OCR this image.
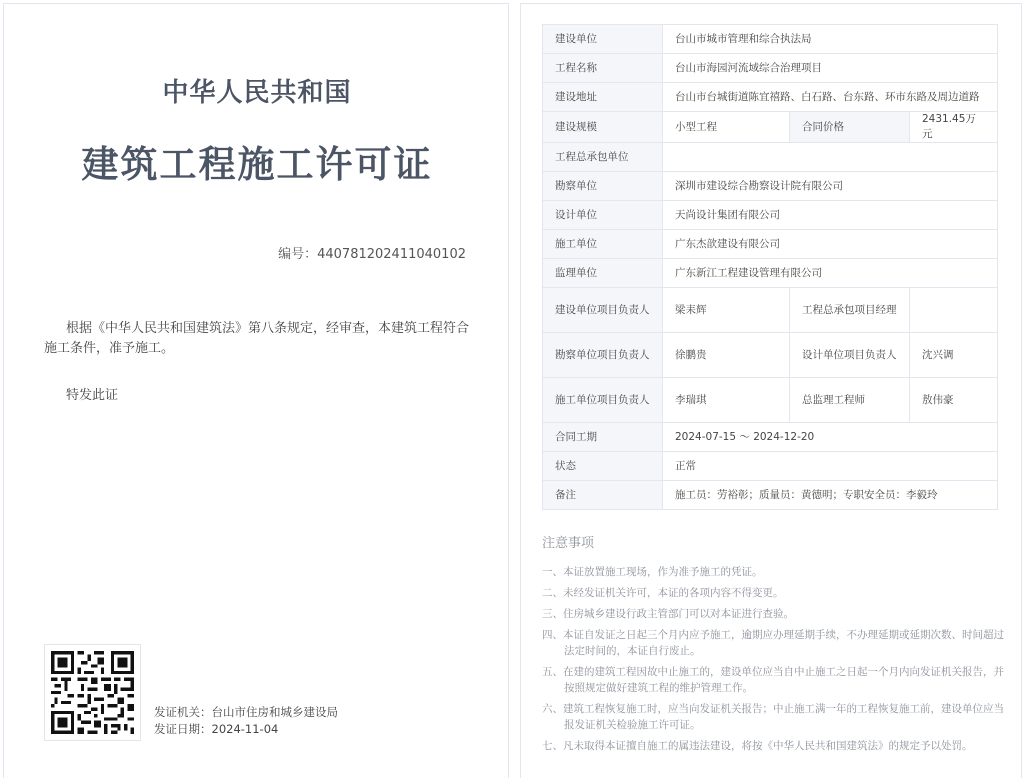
中华人民共和国
建筑工程施工许可证
编号：440781202411040102
根据《中华人民共和国建筑法》第八条规定，经审查，本建筑工程符合施工条件，准予施工。
特发此证
发证机关：台山市住房和城乡建设局
发证日期：2024-11-04
建设单位	台山市城市管理和综合执法局		
工程名称	台山市海园河流域综合治理项目		
建设地址	台山市台城街道陈宜禧路、白石路、台东路、环市东路及周边道路		
建设规模	小型工程	合同价格	2431.45万元
工程总承包单位			
勘察单位	深圳市建设综合勘察设计院有限公司		
设计单位	天尚设计集团有限公司		
施工单位	广东杰歆建设有限公司		
监理单位	广东新江工程建设管理有限公司		
建设单位项目负责人	梁耒辉	工程总承包项目经理	
勘察单位项目负责人	徐鹏贵	设计单位项目负责人	沈兴调
施工单位项目负责人	李瑞琪	总监理工程师	敖伟豪
合同工期	2024-07-15 ～ 2024-12-20		
状态	正常		
备注	施工员：劳裕彰；质量员：黄德明；专职安全员：李毅玲		
注意事项
一、本证放置施工现场，作为准予施工的凭证。
二、未经发证机关许可，本证的各项内容不得变更。
三、住房城乡建设行政主管部门可以对本证进行查验。
四、本证自发证之日起三个月内应予施工，逾期应办理延期手续，不办理延期或延期次数、时间超过法定时间的，本证自行废止。
五、在建的建筑工程因故中止施工的，建设单位应当自中止施工之日起一个月内向发证机关报告，并按照规定做好建筑工程的维护管理工作。
六、建筑工程恢复施工时，应当向发证机关报告；中止施工满一年的工程恢复施工前，建设单位应当报发证机关检验施工许可证。
七、凡未取得本证擅自施工的属违法建设，将按《中华人民共和国建筑法》的规定予以处罚。
